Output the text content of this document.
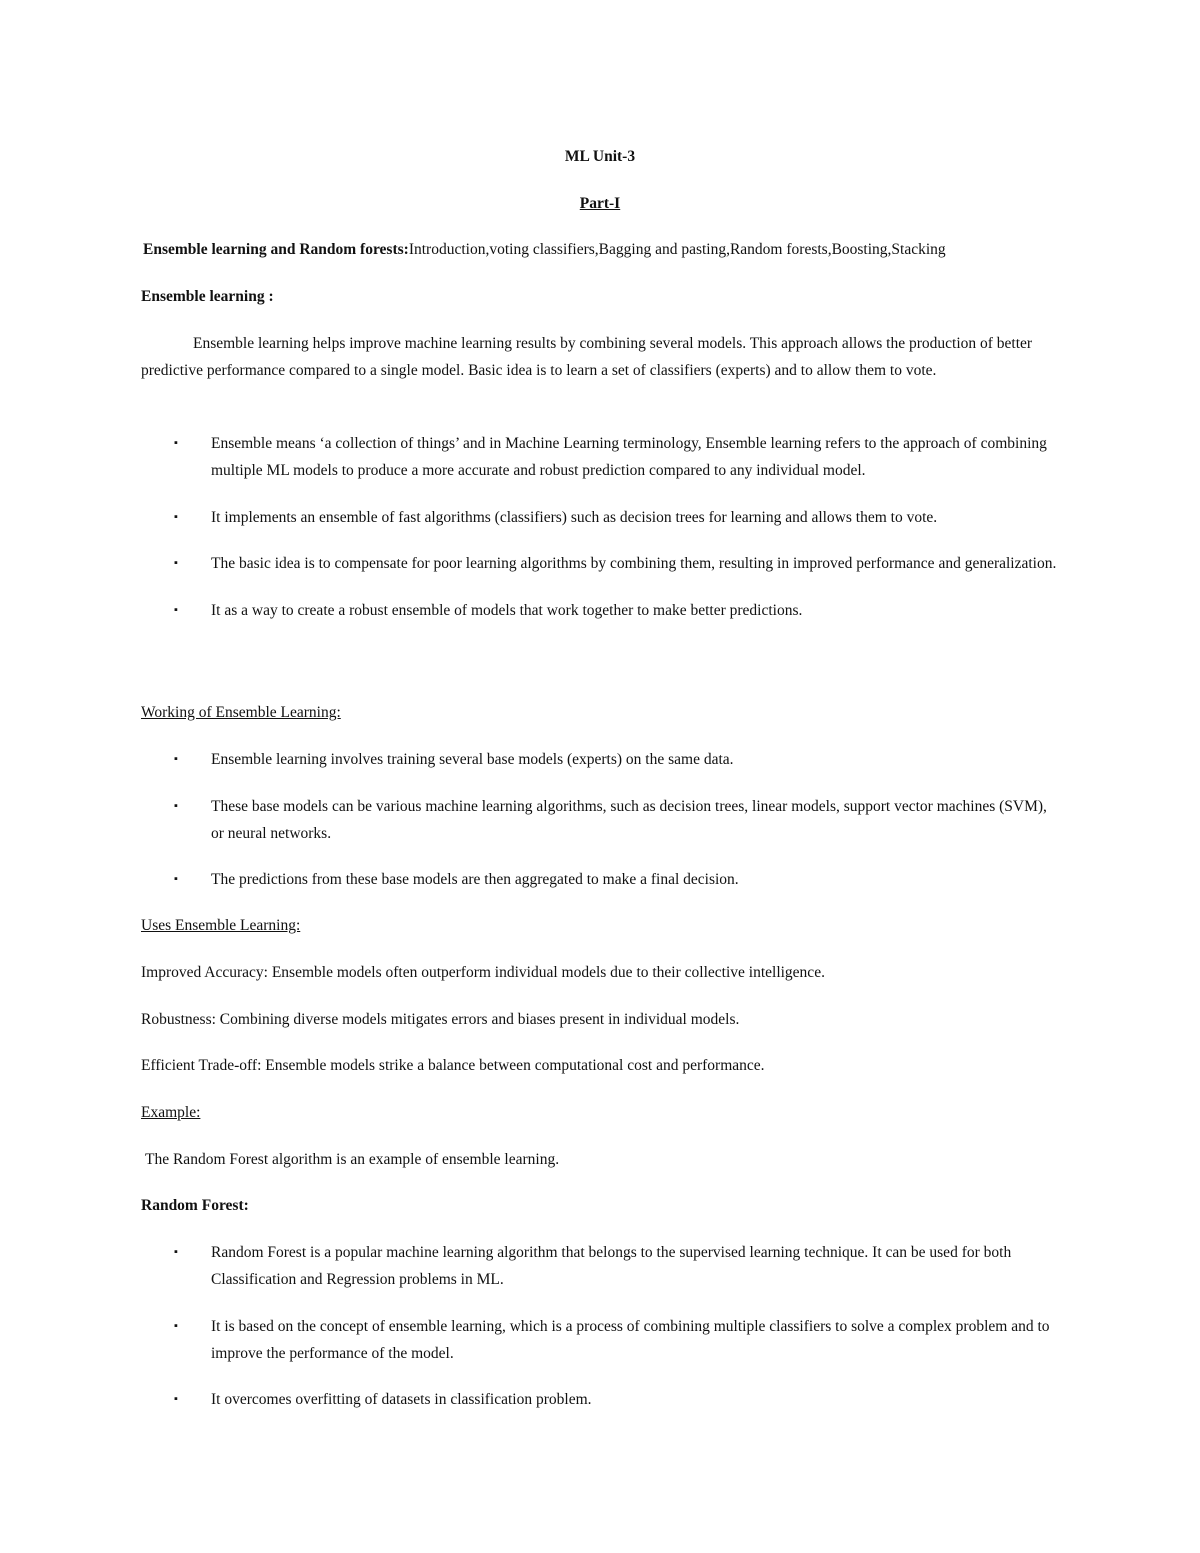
ML Unit-3

Part-I

Ensemble learning and Random forests:Introduction,voting classifiers,Bagging and pasting,Random forests,Boosting,Stacking

Ensemble learning :

Ensemble learning helps improve machine learning results by combining several models. This approach allows the production of better predictive performance compared to a single model. Basic idea is to learn a set of classifiers (experts) and to allow them to vote.

▪ Ensemble means ‘a collection of things’ and in Machine Learning terminology, Ensemble learning refers to the approach of combining multiple ML models to produce a more accurate and robust prediction compared to any individual model.
▪ It implements an ensemble of fast algorithms (classifiers) such as decision trees for learning and allows them to vote.
▪ The basic idea is to compensate for poor learning algorithms by combining them, resulting in improved performance and generalization.
▪ It as a way to create a robust ensemble of models that work together to make better predictions.

Working of Ensemble Learning:

▪ Ensemble learning involves training several base models (experts) on the same data.
▪ These base models can be various machine learning algorithms, such as decision trees, linear models, support vector machines (SVM), or neural networks.
▪ The predictions from these base models are then aggregated to make a final decision.

Uses Ensemble Learning:

Improved Accuracy: Ensemble models often outperform individual models due to their collective intelligence.

Robustness: Combining diverse models mitigates errors and biases present in individual models.

Efficient Trade-off: Ensemble models strike a balance between computational cost and performance.

Example:

The Random Forest algorithm is an example of ensemble learning.

Random Forest:

▪ Random Forest is a popular machine learning algorithm that belongs to the supervised learning technique. It can be used for both Classification and Regression problems in ML.
▪ It is based on the concept of ensemble learning, which is a process of combining multiple classifiers to solve a complex problem and to improve the performance of the model.
▪ It overcomes overfitting of datasets in classification problem.
